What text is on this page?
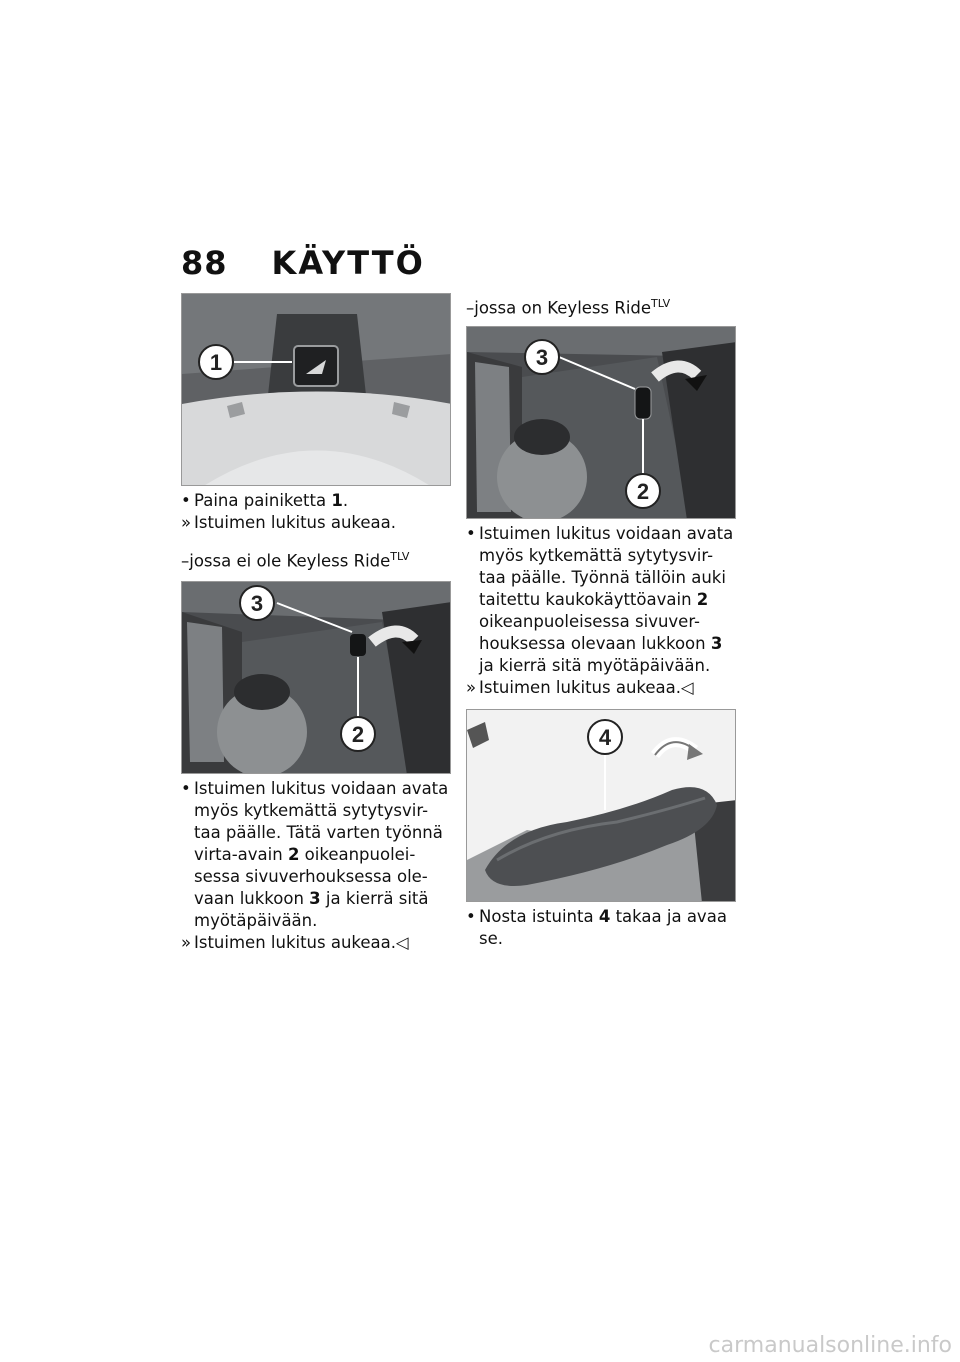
88 KÄYTTÖ
1

• Paina painiketta 1.

» Istuimen lukitus aukeaa.

–jossa ei ole Keyless Ride$^{TLV}$

3
2
• Istuimen lukitus voidaan avata
myös kytkemättä sytytysvir-
taa päälle. Tätä varten työnnä
virta-avain 2 oikeanpuolei-
sessa sivuverhouksessa ole-
vaan lukkoon 3 ja kierrä sitä
myötäpäivään.

» Istuimen lukitus aukeaa.◁

–jossa on Keyless Ride$^{TLV}$

3
2
• Istuimen lukitus voidaan avata
myös kytkemättä sytytysvir-
taa päälle. Työnnä tällöin auki
taitettu kaukokäyttöavain 2
oikeanpuoleisessa sivuver-
houksessa olevaan lukkoon 3
ja kierrä sitä myötäpäivään.

» Istuimen lukitus aukeaa.◁

4
• Nosta istuinta 4 takaa ja avaa
se.
carmanualsonline.info
